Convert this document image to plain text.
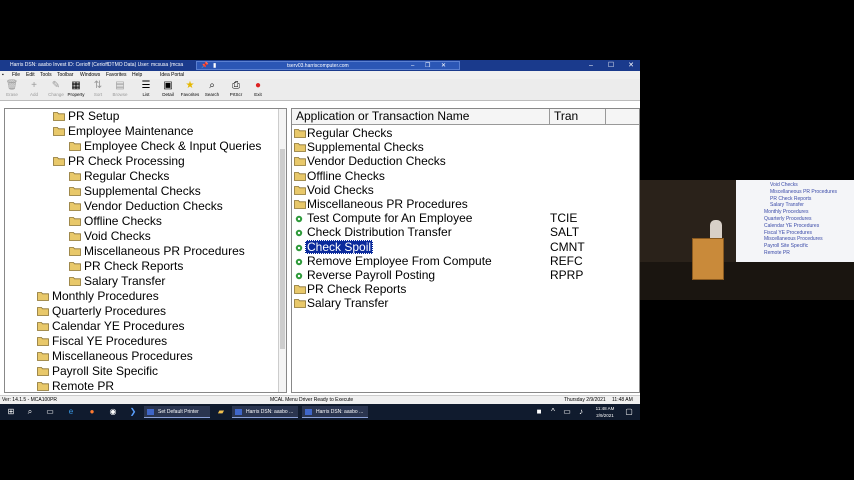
Harris DSN: aasbo Invest ID: Cerioff (CerioffDTMO Data) User: mcsusa (mcsa	📌 ▮	tserv03.harriscomputer.com	– ❐ ✕	–	☐	✕
▪ File Edit Tools Toolbar Windows Favorites Help	Idea Portal
🗑
Erase
+
Add
✎
Change
▦
Property
⇅
Sort
▤
Browse
☰
List
▣
Detail
★
Favorites
⌕
Search
⎙
PrtScr
●
Exit
PR Setup
Employee Maintenance
Employee Check & Input Queries
PR Check Processing
Regular Checks
Supplemental Checks
Vendor Deduction Checks
Offline Checks
Void Checks
Miscellaneous PR Procedures
PR Check Reports
Salary Transfer
Monthly Procedures
Quarterly Procedures
Calendar YE Procedures
Fiscal YE Procedures
Miscellaneous Procedures
Payroll Site Specific
Remote PR
Application or Transaction Name	Tran
Regular Checks
Supplemental Checks
Vendor Deduction Checks
Offline Checks
Void Checks
Miscellaneous PR Procedures
Test Compute for An Employee	TCIE
Check Distribution Transfer	SALT
Check Spoil	CMNT
Remove Employee From Compute	REFC
Reverse Payroll Posting	RPRP
PR Check Reports
Salary Transfer
Ver: 14.1.5 - MCA100PR	MCAL Menu Driver Ready to Execute	Thursday 2/9/2021 11:48 AM
⊞	⌕	▭	e	●	◉ ❯	Set Default Printer	▰	Harris DSN: aasbo ...	Harris DSN: aasbo ...	■	^	▭	♪	11:48 AM
2/9/2021	▢
Void Checks
Miscellaneous PR Procedures
PR Check Reports
Salary Transfer
Monthly Procedures
Quarterly Procedures
Calendar YE Procedures
Fiscal YE Procedures
Miscellaneous Procedures
Payroll Site Specific
Remote PR
